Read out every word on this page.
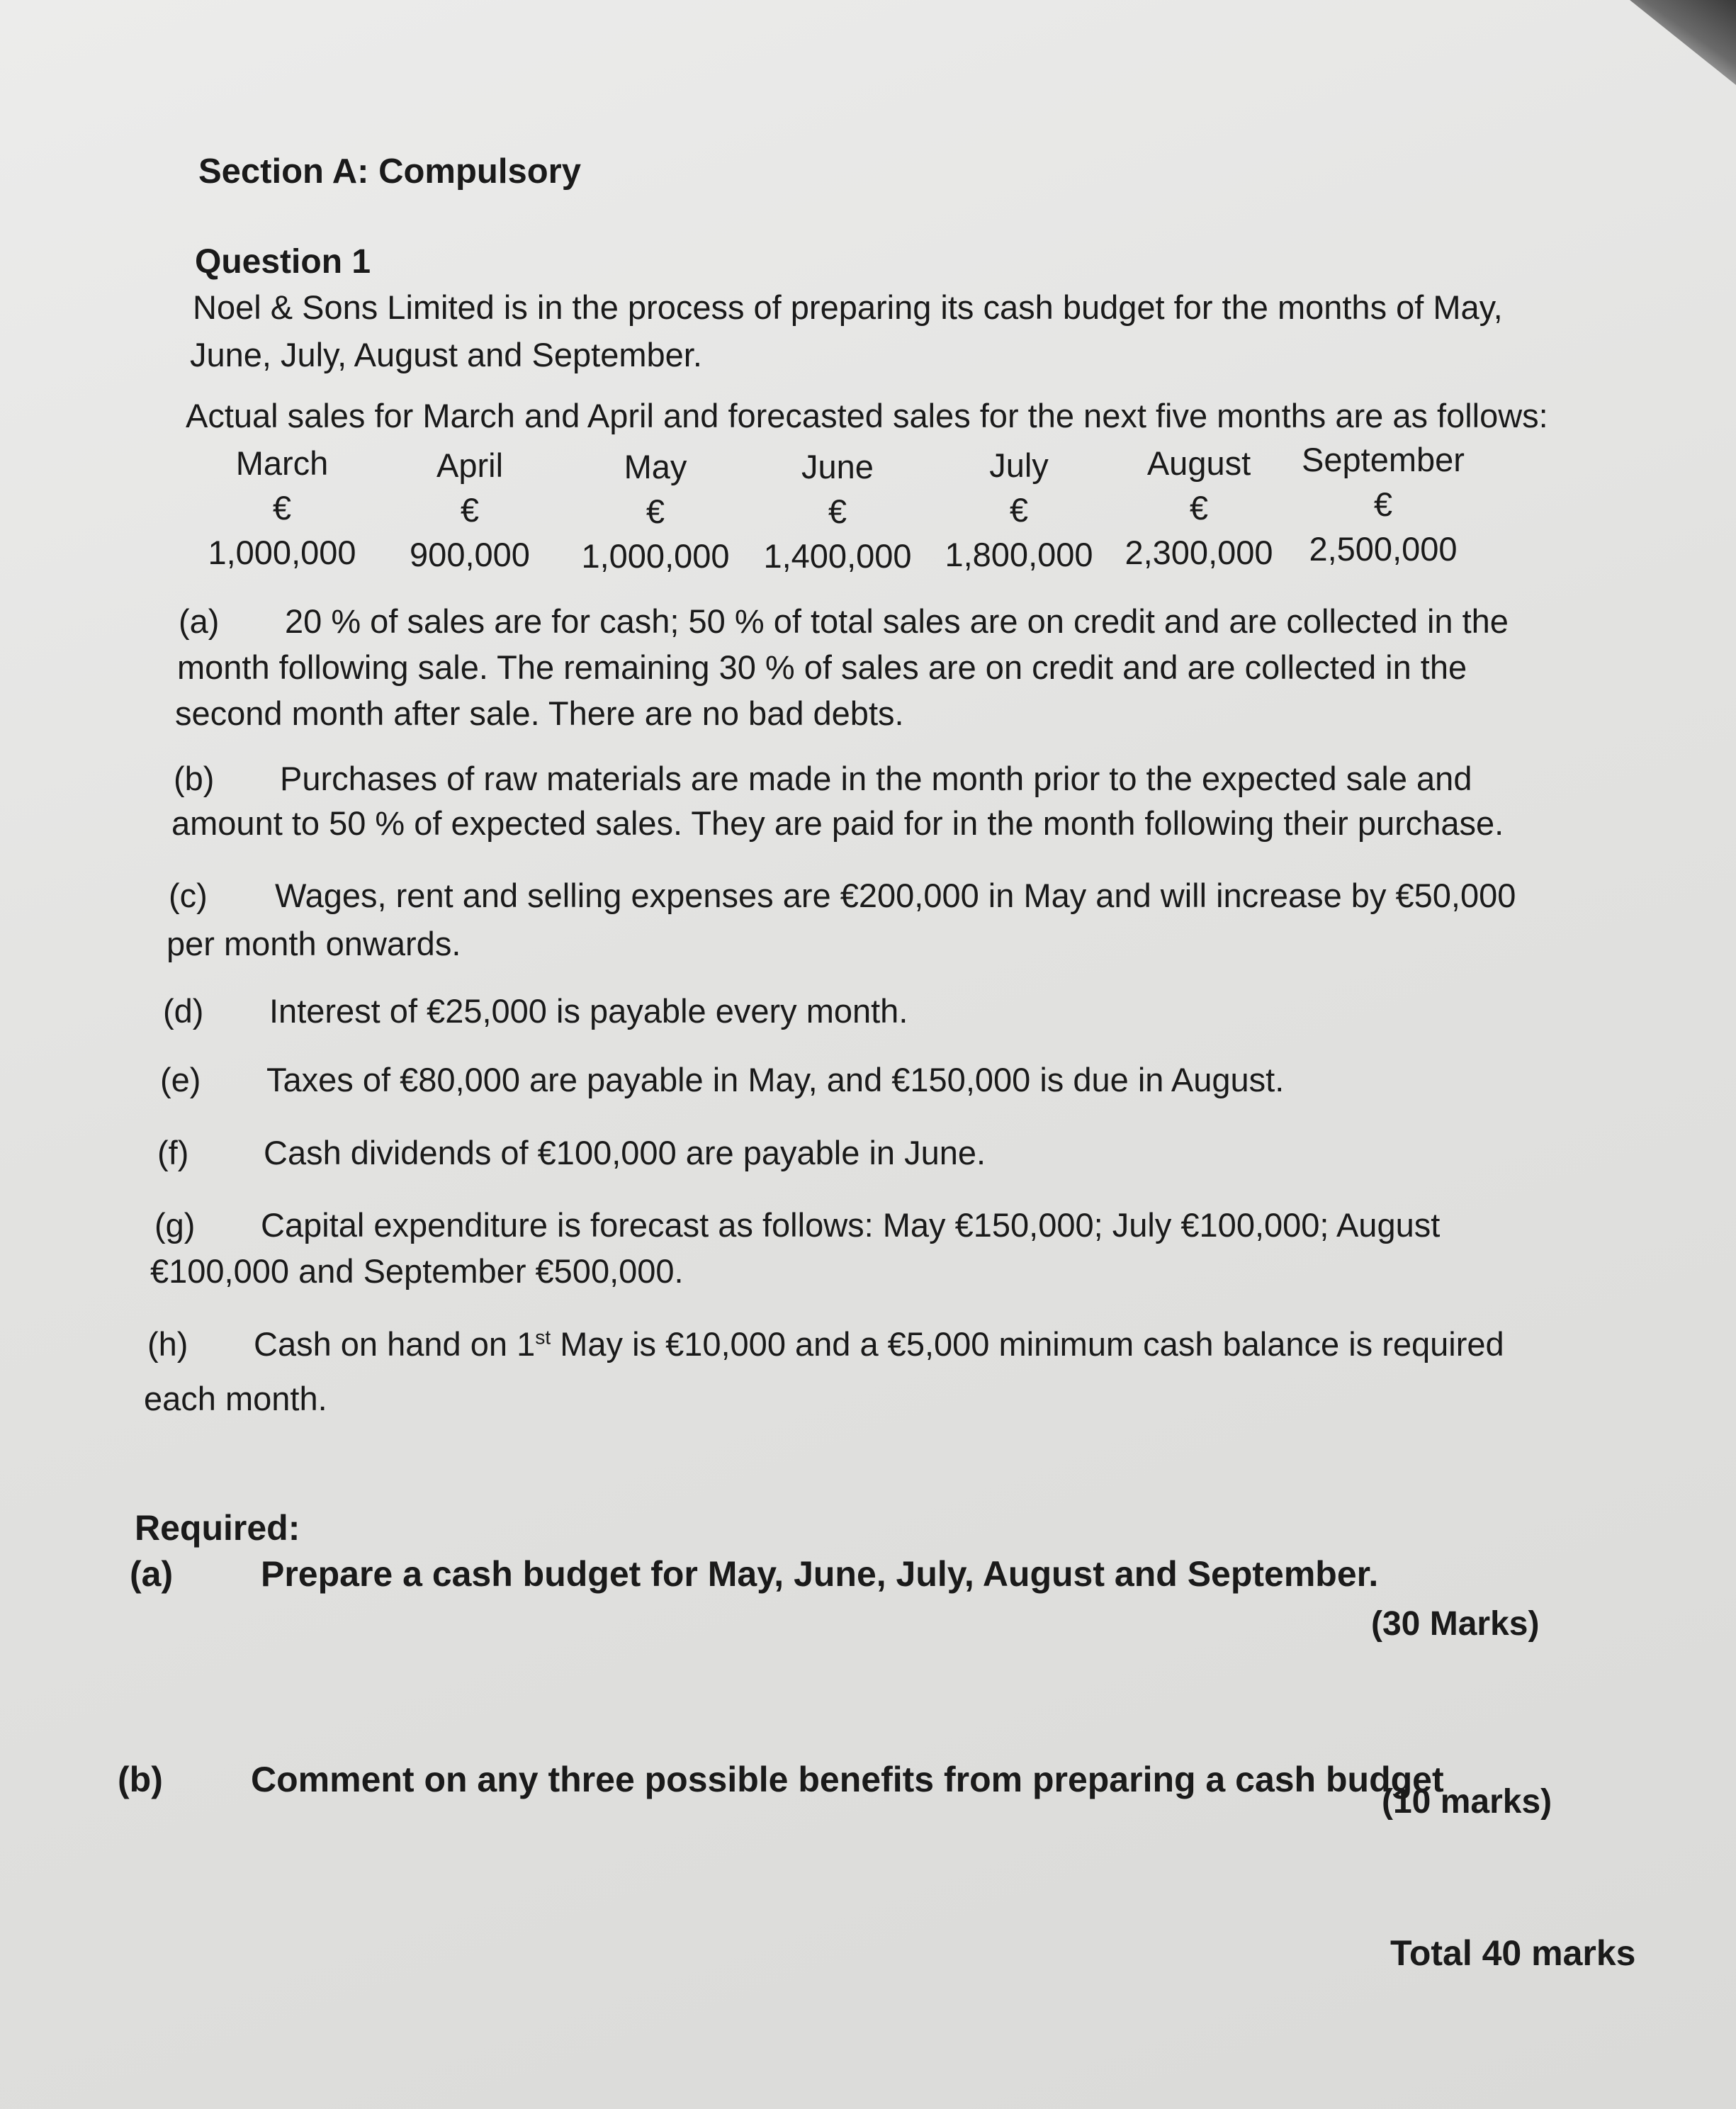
Section A: Compulsory
Question 1
Noel & Sons Limited is in the process of preparing its cash budget for the months of May,
June, July, August and September.
Actual sales for March and April and forecasted sales for the next five months are as follows:
March
€
1,000,000
April
€
900,000
May
€
1,000,000
June
€
1,400,000
July
€
1,800,000
August
€
2,300,000
September
€
2,500,000
(a) 20 % of sales are for cash; 50 % of total sales are on credit and are collected in the
month following sale. The remaining 30 % of sales are on credit and are collected in the
second month after sale. There are no bad debts.
(b) Purchases of raw materials are made in the month prior to the expected sale and
amount to 50 % of expected sales. They are paid for in the month following their purchase.
(c) Wages, rent and selling expenses are €200,000 in May and will increase by €50,000
per month onwards.
(d) Interest of €25,000 is payable every month.
(e) Taxes of €80,000 are payable in May, and €150,000 is due in August.
(f) Cash dividends of €100,000 are payable in June.
(g) Capital expenditure is forecast as follows: May €150,000; July €100,000; August
€100,000 and September €500,000.
(h) Cash on hand on 1st May is €10,000 and a €5,000 minimum cash balance is required
each month.
Required:
(a) Prepare a cash budget for May, June, July, August and September.
(30 Marks)
(b) Comment on any three possible benefits from preparing a cash budget
(10 marks)
Total 40 marks
